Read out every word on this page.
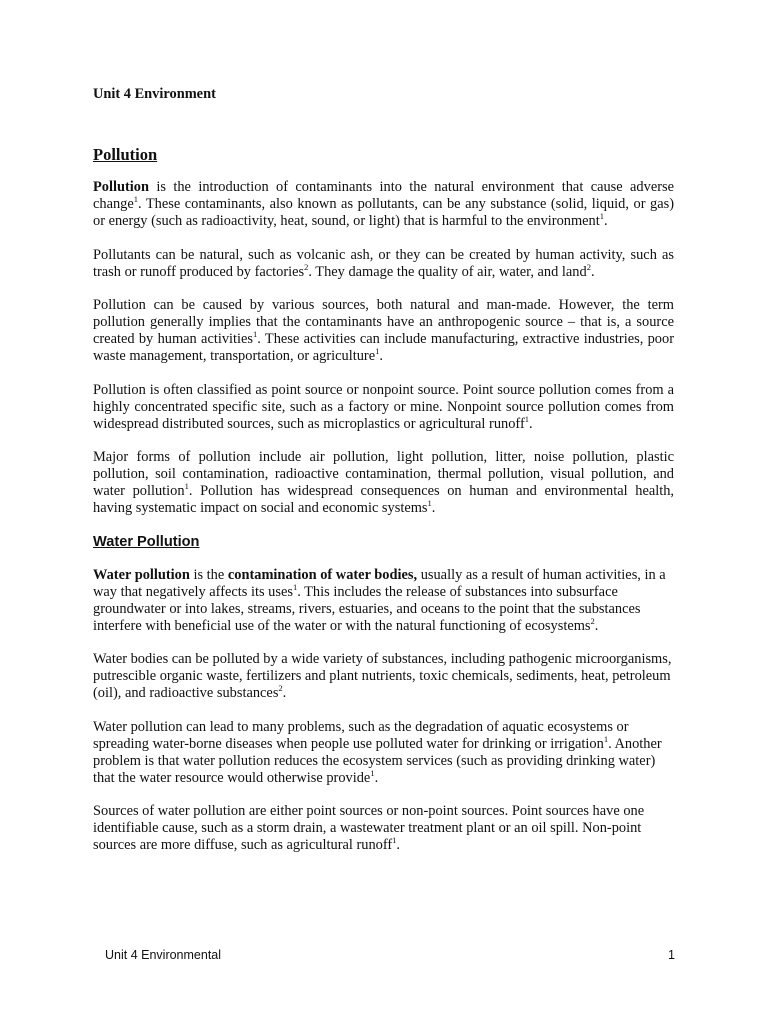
Unit 4 Environment
Pollution

Pollution is the introduction of contaminants into the natural environment that cause adverse change$^1$. These contaminants, also known as pollutants, can be any substance (solid, liquid, or gas) or energy (such as radioactivity, heat, sound, or light) that is harmful to the environment$^1$.

Pollutants can be natural, such as volcanic ash, or they can be created by human activity, such as trash or runoff produced by factories$^2$. They damage the quality of air, water, and land$^2$.

Pollution can be caused by various sources, both natural and man-made. However, the term pollution generally implies that the contaminants have an anthropogenic source – that is, a source created by human activities$^1$. These activities can include manufacturing, extractive industries, poor waste management, transportation, or agriculture$^1$.

Pollution is often classified as point source or nonpoint source. Point source pollution comes from a highly concentrated specific site, such as a factory or mine. Nonpoint source pollution comes from widespread distributed sources, such as microplastics or agricultural runoff$^1$.

Major forms of pollution include air pollution, light pollution, litter, noise pollution, plastic pollution, soil contamination, radioactive contamination, thermal pollution, visual pollution, and water pollution$^1$. Pollution has widespread consequences on human and environmental health, having systematic impact on social and economic systems$^1$.

Water Pollution

Water pollution is the contamination of water bodies, usually as a result of human activities, in a way that negatively affects its uses$^1$. This includes the release of substances into subsurface groundwater or into lakes, streams, rivers, estuaries, and oceans to the point that the substances interfere with beneficial use of the water or with the natural functioning of ecosystems$^2$.

Water bodies can be polluted by a wide variety of substances, including pathogenic microorganisms, putrescible organic waste, fertilizers and plant nutrients, toxic chemicals, sediments, heat, petroleum (oil), and radioactive substances$^2$.

Water pollution can lead to many problems, such as the degradation of aquatic ecosystems or spreading water-borne diseases when people use polluted water for drinking or irrigation$^1$. Another problem is that water pollution reduces the ecosystem services (such as providing drinking water) that the water resource would otherwise provide$^1$.

Sources of water pollution are either point sources or non-point sources. Point sources have one identifiable cause, such as a storm drain, a wastewater treatment plant or an oil spill. Non-point sources are more diffuse, such as agricultural runoff$^1$.

Unit 4 Environmental	1
